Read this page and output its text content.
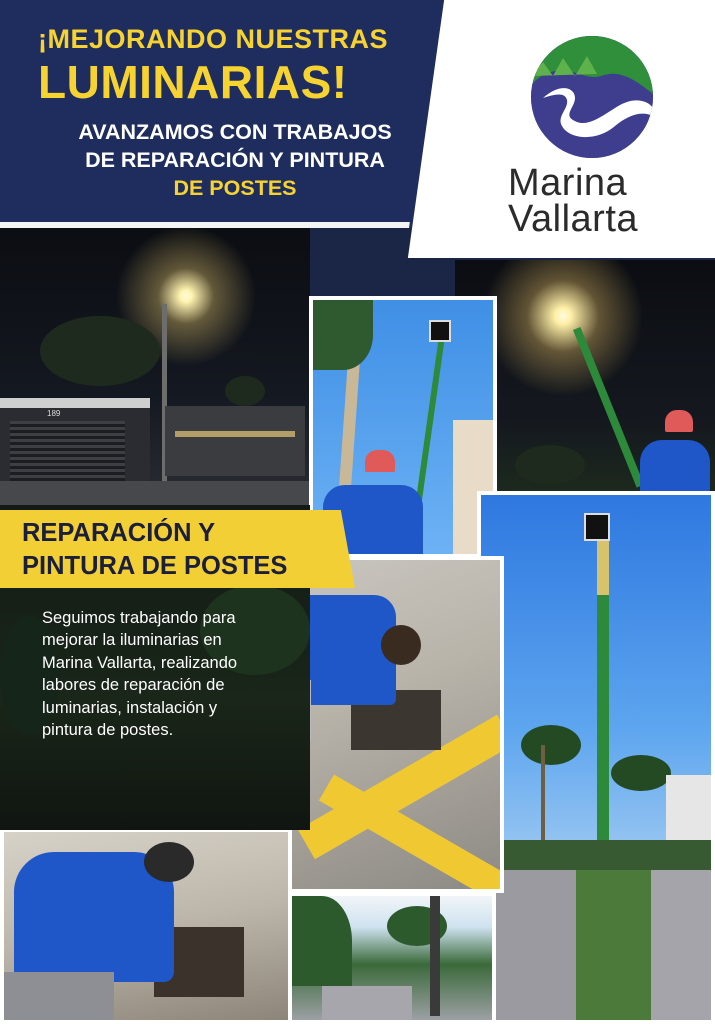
189
¡MEJORANDO NUESTRAS
LUMINARIAS!
AVANZAMOS CON TRABAJOS
DE REPARACIÓN Y PINTURA
DE POSTES	Marina
Vallarta
REPARACIÓN Y
PINTURA DE POSTES
Seguimos trabajando para mejorar la iluminarias en Marina Vallarta, realizando labores de reparación de luminarias, instalación y pintura de postes.
